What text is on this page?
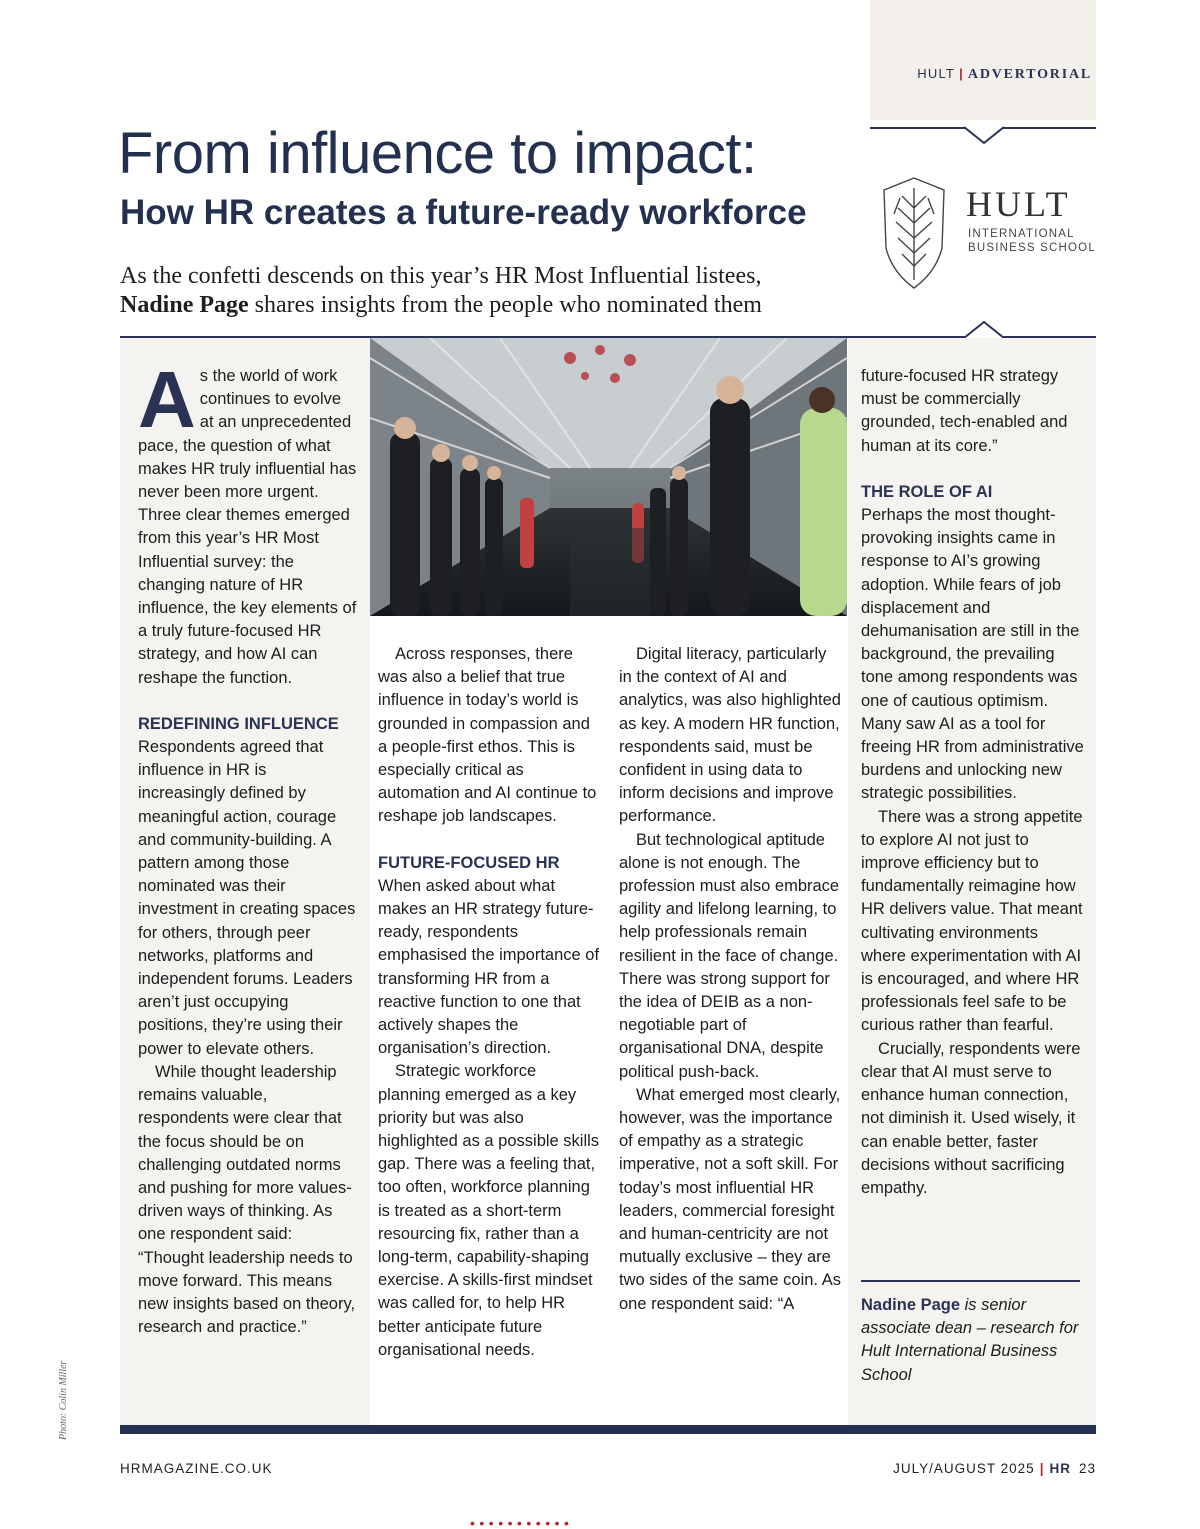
HULT | ADVERTORIAL
From influence to impact:
How HR creates a future-ready workforce
As the confetti descends on this year’s HR Most Influential listees,
Nadine Page shares insights from the people who nominated them
HULT
INTERNATIONAL
BUSINESS SCHOOL
A s the world of work continues to evolve at an unprecedented pace, the question of what makes HR truly influential has never been more urgent. Three clear themes emerged from this year’s HR Most Influential survey: the changing nature of HR influence, the key elements of a truly future-focused HR strategy, and how AI can reshape the function.

REDEFINING INFLUENCE

Respondents agreed that influence in HR is increasingly defined by meaningful action, courage and community-building. A pattern among those nominated was their investment in creating spaces for others, through peer networks, platforms and independent forums. Leaders aren’t just occupying positions, they’re using their power to elevate others.

While thought leadership remains valuable, respondents were clear that the focus should be on challenging outdated norms and pushing for more values-driven ways of thinking. As one respondent said: “Thought leadership needs to move forward. This means new insights based on theory, research and practice.”

Across responses, there was also a belief that true influence in today’s world is grounded in compassion and a people-first ethos. This is especially critical as automation and AI continue to reshape job landscapes.

FUTURE-FOCUSED HR

When asked about what makes an HR strategy future-ready, respondents emphasised the importance of transforming HR from a reactive function to one that actively shapes the organisation’s direction.

Strategic workforce planning emerged as a key priority but was also highlighted as a possible skills gap. There was a feeling that, too often, workforce planning is treated as a short-term resourcing fix, rather than a long-term, capability-shaping exercise. A skills-first mindset was called for, to help HR better anticipate future organisational needs.

Digital literacy, particularly in the context of AI and analytics, was also highlighted as key. A modern HR function, respondents said, must be confident in using data to inform decisions and improve performance.

But technological aptitude alone is not enough. The profession must also embrace agility and lifelong learning, to help professionals remain resilient in the face of change. There was strong support for the idea of DEIB as a non-negotiable part of organisational DNA, despite political push-back.

What emerged most clearly, however, was the importance of empathy as a strategic imperative, not a soft skill. For today’s most influential HR leaders, commercial foresight and human-centricity are not mutually exclusive – they are two sides of the same coin. As one respondent said: “A

future-focused HR strategy must be commercially grounded, tech-enabled and human at its core.”

THE ROLE OF AI

Perhaps the most thought-provoking insights came in response to AI’s growing adoption. While fears of job displacement and dehumanisation are still in the background, the prevailing tone among respondents was one of cautious optimism. Many saw AI as a tool for freeing HR from administrative burdens and unlocking new strategic possibilities.

There was a strong appetite to explore AI not just to improve efficiency but to fundamentally reimagine how HR delivers value. That meant cultivating environments where experimentation with AI is encouraged, and where HR professionals feel safe to be curious rather than fearful.

Crucially, respondents were clear that AI must serve to enhance human connection, not diminish it. Used wisely, it can enable better, faster decisions without sacrificing empathy.

Nadine Page is senior associate dean – research for Hult International Business School
Photo: Colin Miller
HRMAGAZINE.CO.UK	JULY/AUGUST 2025 | HR 23
•••••••••••
